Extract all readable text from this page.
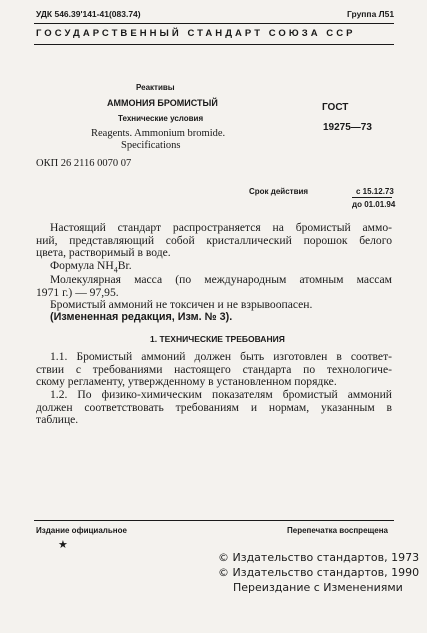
УДК 546.39'141-41(083.74)	Группа Л51
ГОСУДАРСТВЕННЫЙ СТАНДАРТ СОЮЗА ССР
Реактивы
АММОНИЯ БРОМИСТЫЙ
Технические условия
Reagents. Ammonium bromide.
Specifications
ОКП 26 2116 0070 07
ГОСТ
19275—73
Срок действия	с 15.12.73
до 01.01.94
Настоящий стандарт распространяется на бромистый аммо-
ний, представляющий собой кристаллический порошок белого
цвета, растворимый в воде.
Формула $NH_4Br$.
Молекулярная масса (по международным атомным массам
1971 г.) — 97,95.
Бромистый аммоний не токсичен и не взрывоопасен.
(Измененная редакция, Изм. № 3).
1. ТЕХНИЧЕСКИЕ ТРЕБОВАНИЯ
1.1. Бромистый аммоний должен быть изготовлен в соответ-
ствии с требованиями настоящего стандарта по технологиче-
скому регламенту, утвержденному в установленном порядке.
1.2. По физико-химическим показателям бромистый аммоний
должен соответствовать требованиям и нормам, указанным в
таблице.
Издание официальное	Перепечатка воспрещена
★
© Издательство стандартов, 1973
© Издательство стандартов, 1990
Переиздание с Изменениями
